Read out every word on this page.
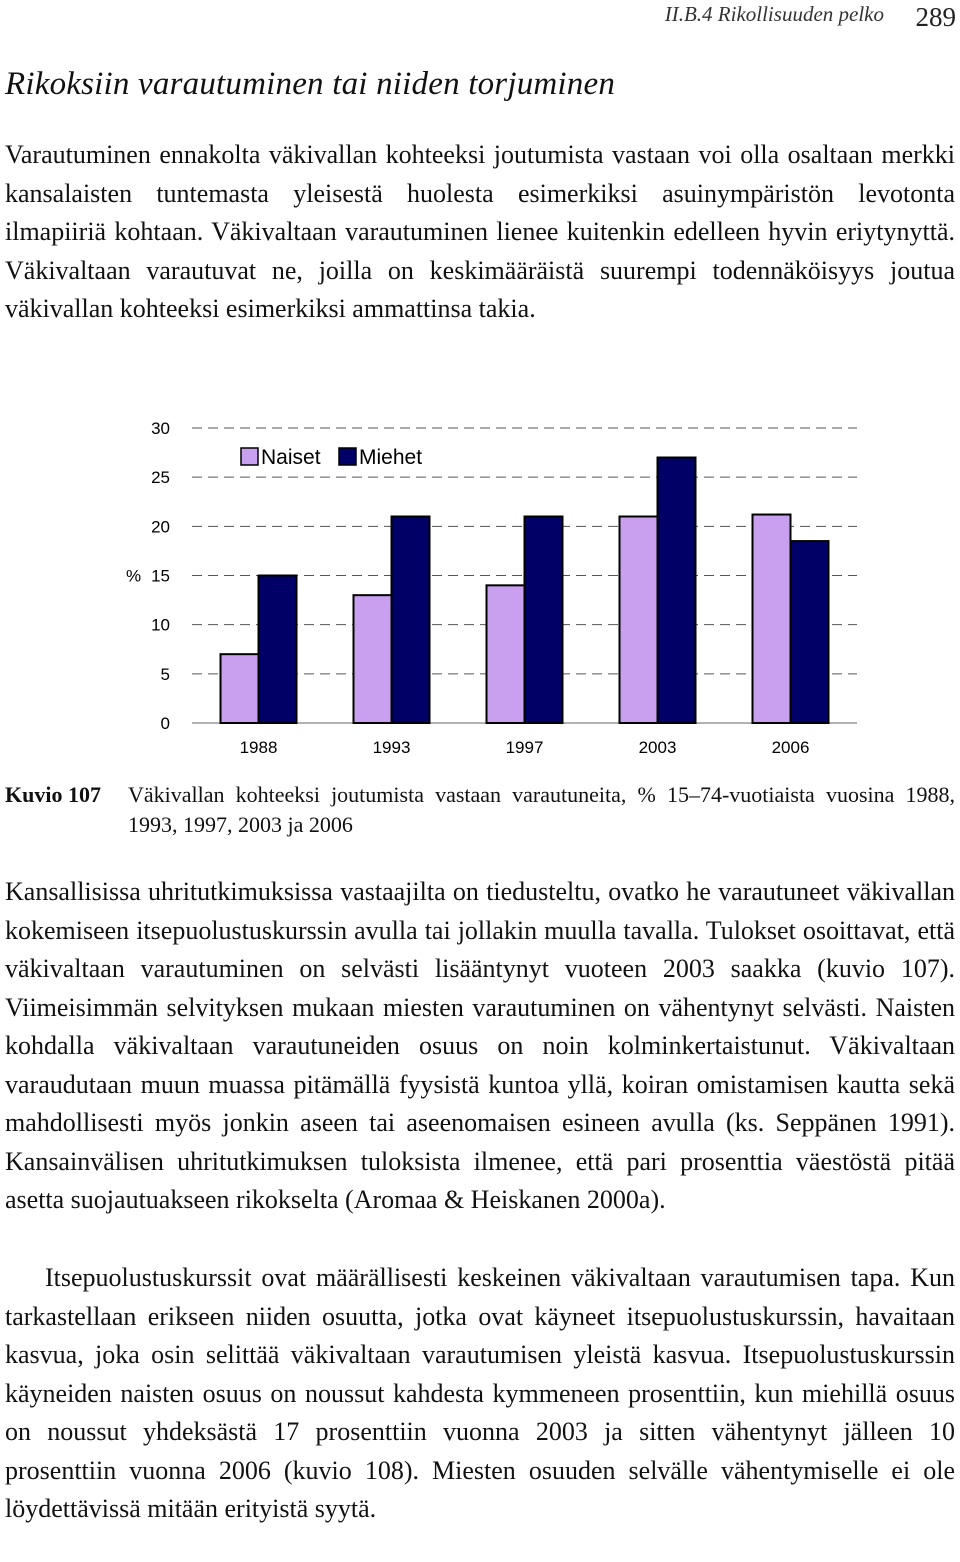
II.B.4 Rikollisuuden pelko 289
Rikoksiin varautuminen tai niiden torjuminen

Varautuminen ennakolta väkivallan kohteeksi joutumista vastaan voi olla osaltaan merkki kansalaisten tuntemasta yleisestä huolesta esimerkiksi asuinympäristön levotonta ilmapiiriä kohtaan. Väkivaltaan varautuminen lienee kuitenkin edelleen hyvin eriytynyttä. Väkivaltaan varautuvat ne, joilla on keskimääräistä suurempi todennäköisyys joutua väkivallan kohteeksi esimerkiksi ammattinsa takia.

0
5
10
15
20
25
30
%
1988	1993	1997	2003	2006
Naiset Miehet
Kuvio 107 Väkivallan kohteeksi joutumista vastaan varautuneita, % 15–74-vuotiaista vuosina 1988, 1993, 1997, 2003 ja 2006

Kansallisissa uhritutkimuksissa vastaajilta on tiedusteltu, ovatko he varautuneet väkivallan kokemiseen itsepuolustuskurssin avulla tai jollakin muulla tavalla. Tulokset osoittavat, että väkivaltaan varautuminen on selvästi lisääntynyt vuoteen 2003 saakka (kuvio 107). Viimeisimmän selvityksen mukaan miesten varautuminen on vähentynyt selvästi. Naisten kohdalla väkivaltaan varautuneiden osuus on noin kolminkertaistunut. Väkivaltaan varaudutaan muun muassa pitämällä fyysistä kuntoa yllä, koiran omistamisen kautta sekä mahdollisesti myös jonkin aseen tai aseenomaisen esineen avulla (ks. Seppänen 1991). Kansainvälisen uhritutkimuksen tuloksista ilmenee, että pari prosenttia väestöstä pitää asetta suojautuakseen rikokselta (Aromaa & Heiskanen 2000a).

Itsepuolustuskurssit ovat määrällisesti keskeinen väkivaltaan varautumisen tapa. Kun tarkastellaan erikseen niiden osuutta, jotka ovat käyneet itsepuolustuskurssin, havaitaan kasvua, joka osin selittää väkivaltaan varautumisen yleistä kasvua. Itsepuolustuskurssin käyneiden naisten osuus on noussut kahdesta kymmeneen prosenttiin, kun miehillä osuus on noussut yhdeksästä 17 prosenttiin vuonna 2003 ja sitten vähentynyt jälleen 10 prosenttiin vuonna 2006 (kuvio 108). Miesten osuuden selvälle vähentymiselle ei ole löydettävissä mitään erityistä syytä.
